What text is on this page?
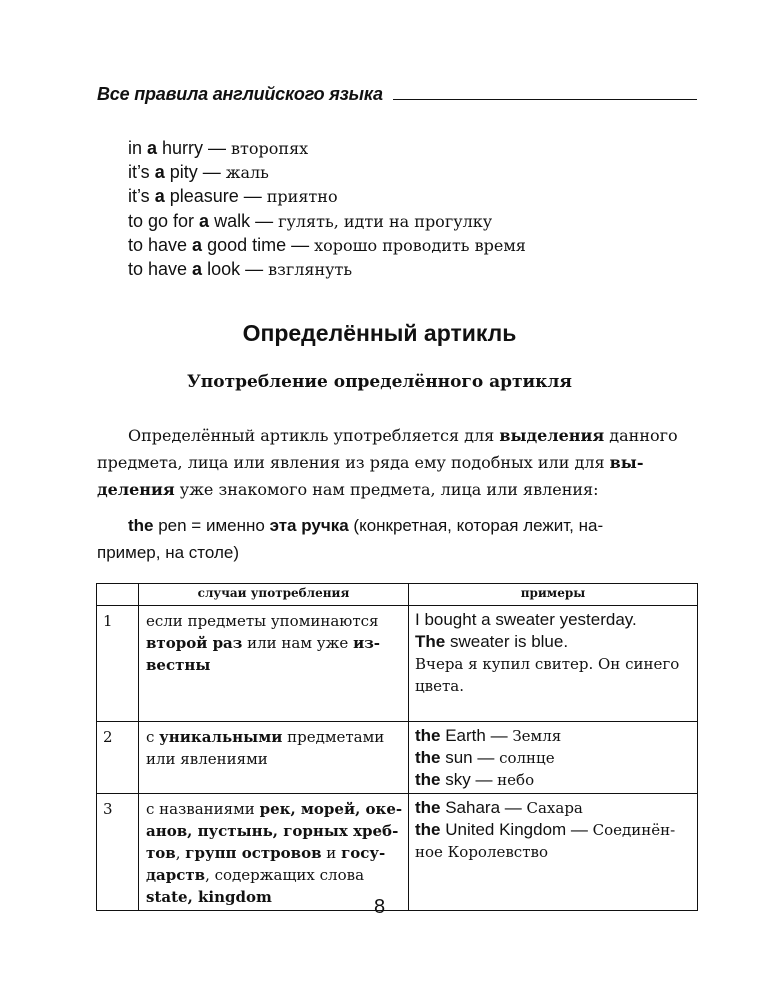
Все правила английского языка
in a hurry — второпях
it’s a pity — жаль
it’s a pleasure — приятно
to go for a walk — гулять, идти на прогулку
to have a good time — хорошо проводить время
to have a look — взглянуть
Определённый артикль
Употребление определённого артикля

Определённый артикль употребляется для выделения данного
предмета, лица или явления из ряда ему подобных или для вы-
деления уже знакомого нам предмета, лица или явления:

the pen = именно эта ручка (конкретная, которая лежит, на-
пример, на столе)

	случаи употребления	примеры
1	если предметы упоминаются
второй раз или нам уже из-
вестны	I bought a sweater yesterday.
The sweater is blue.
Вчера я купил свитер. Он синего
цвета.

2	с уникальными предметами
или явлениями	the Earth — Земля
the sun — солнце
the sky — небо

3	с названиями рек, морей, оке-
анов, пустынь, горных хреб-
тов, групп островов и госу-
дарств, содержащих слова
state, kingdom	the Sahara — Сахара
the United Kingdom — Соединён-
ное Королевство

8
